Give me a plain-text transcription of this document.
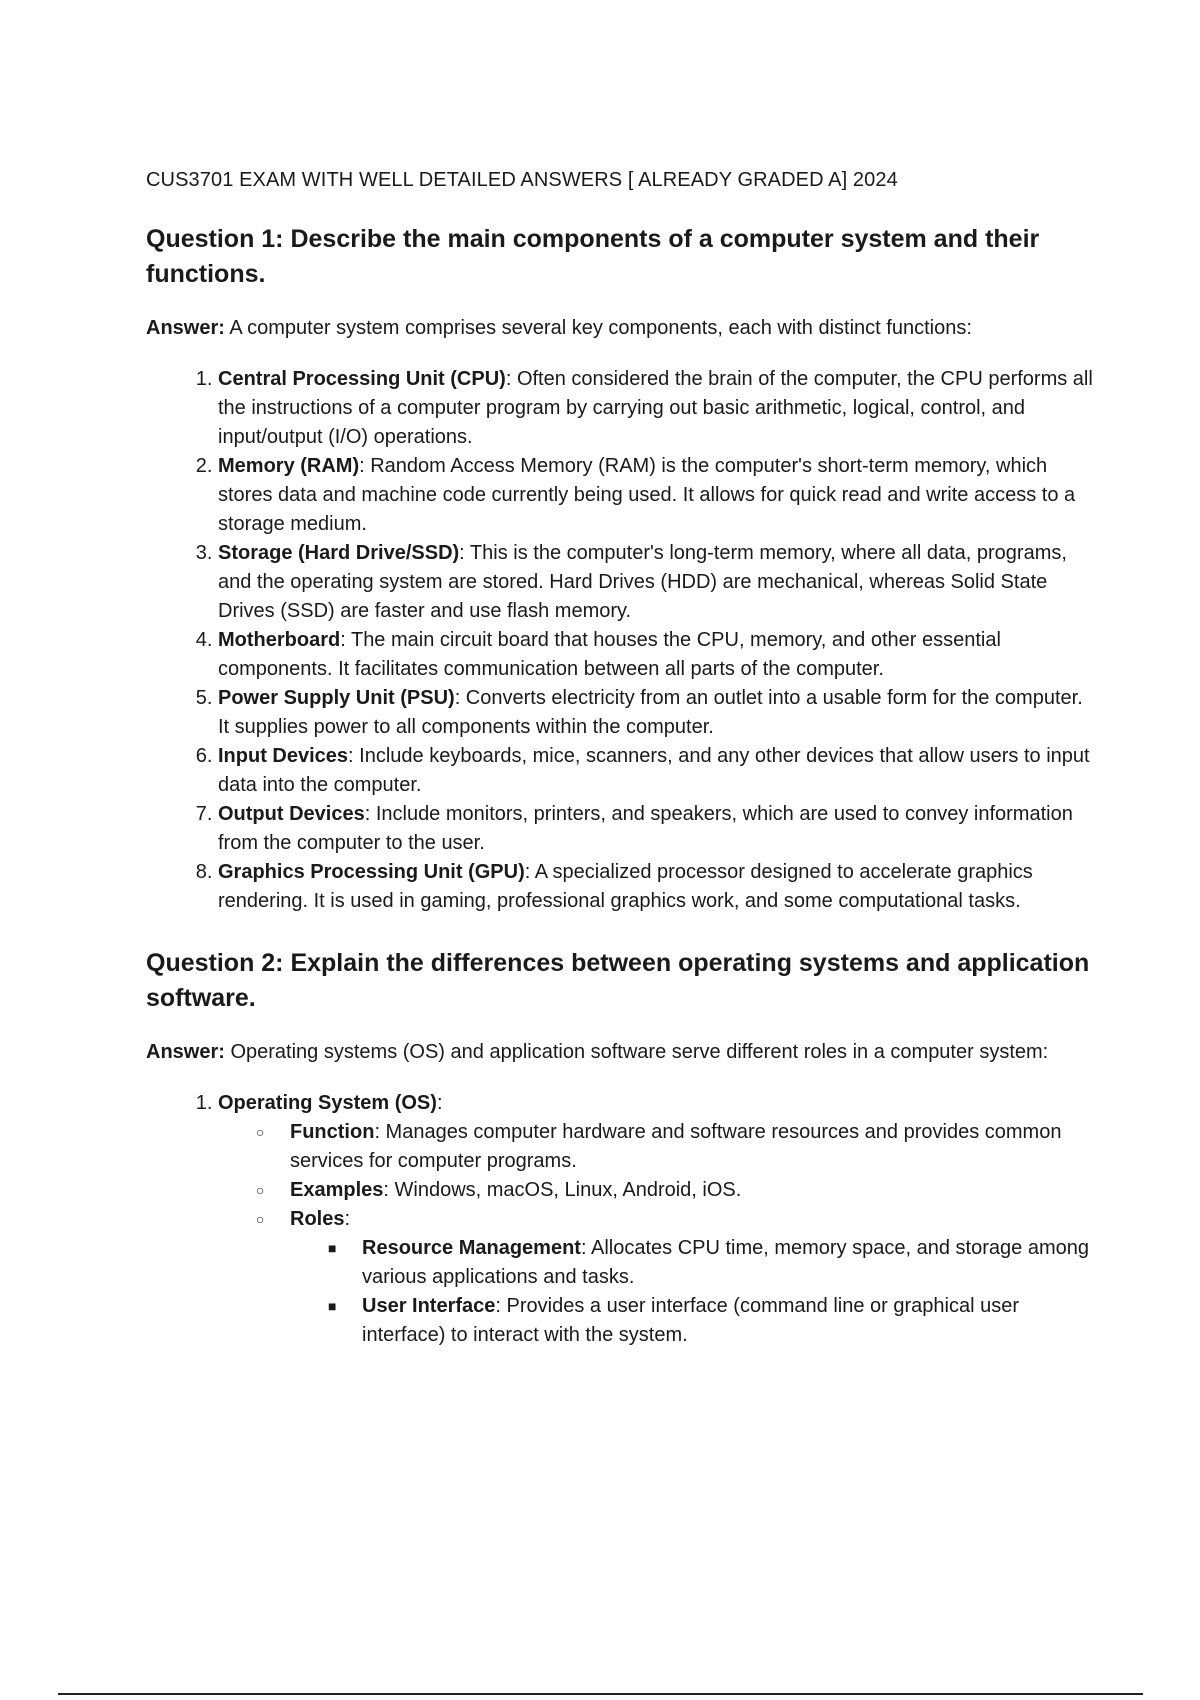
CUS3701 EXAM WITH WELL DETAILED ANSWERS [ ALREADY GRADED A] 2024

Question 1: Describe the main components of a computer system and their functions.

Answer: A computer system comprises several key components, each with distinct functions:

1. Central Processing Unit (CPU): Often considered the brain of the computer, the CPU performs all the instructions of a computer program by carrying out basic arithmetic, logical, control, and input/output (I/O) operations.
2. Memory (RAM): Random Access Memory (RAM) is the computer's short-term memory, which stores data and machine code currently being used. It allows for quick read and write access to a storage medium.
3. Storage (Hard Drive/SSD): This is the computer's long-term memory, where all data, programs, and the operating system are stored. Hard Drives (HDD) are mechanical, whereas Solid State Drives (SSD) are faster and use flash memory.
4. Motherboard: The main circuit board that houses the CPU, memory, and other essential components. It facilitates communication between all parts of the computer.
5. Power Supply Unit (PSU): Converts electricity from an outlet into a usable form for the computer. It supplies power to all components within the computer.
6. Input Devices: Include keyboards, mice, scanners, and any other devices that allow users to input data into the computer.
7. Output Devices: Include monitors, printers, and speakers, which are used to convey information from the computer to the user.
8. Graphics Processing Unit (GPU): A specialized processor designed to accelerate graphics rendering. It is used in gaming, professional graphics work, and some computational tasks.
Question 2: Explain the differences between operating systems and application software.

Answer: Operating systems (OS) and application software serve different roles in a computer system:

1. Operating System (OS):
○ Function: Manages computer hardware and software resources and provides common services for computer programs.
○ Examples: Windows, macOS, Linux, Android, iOS.
○ Roles:
■ Resource Management: Allocates CPU time, memory space, and storage among various applications and tasks.
■ User Interface: Provides a user interface (command line or graphical user interface) to interact with the system.
